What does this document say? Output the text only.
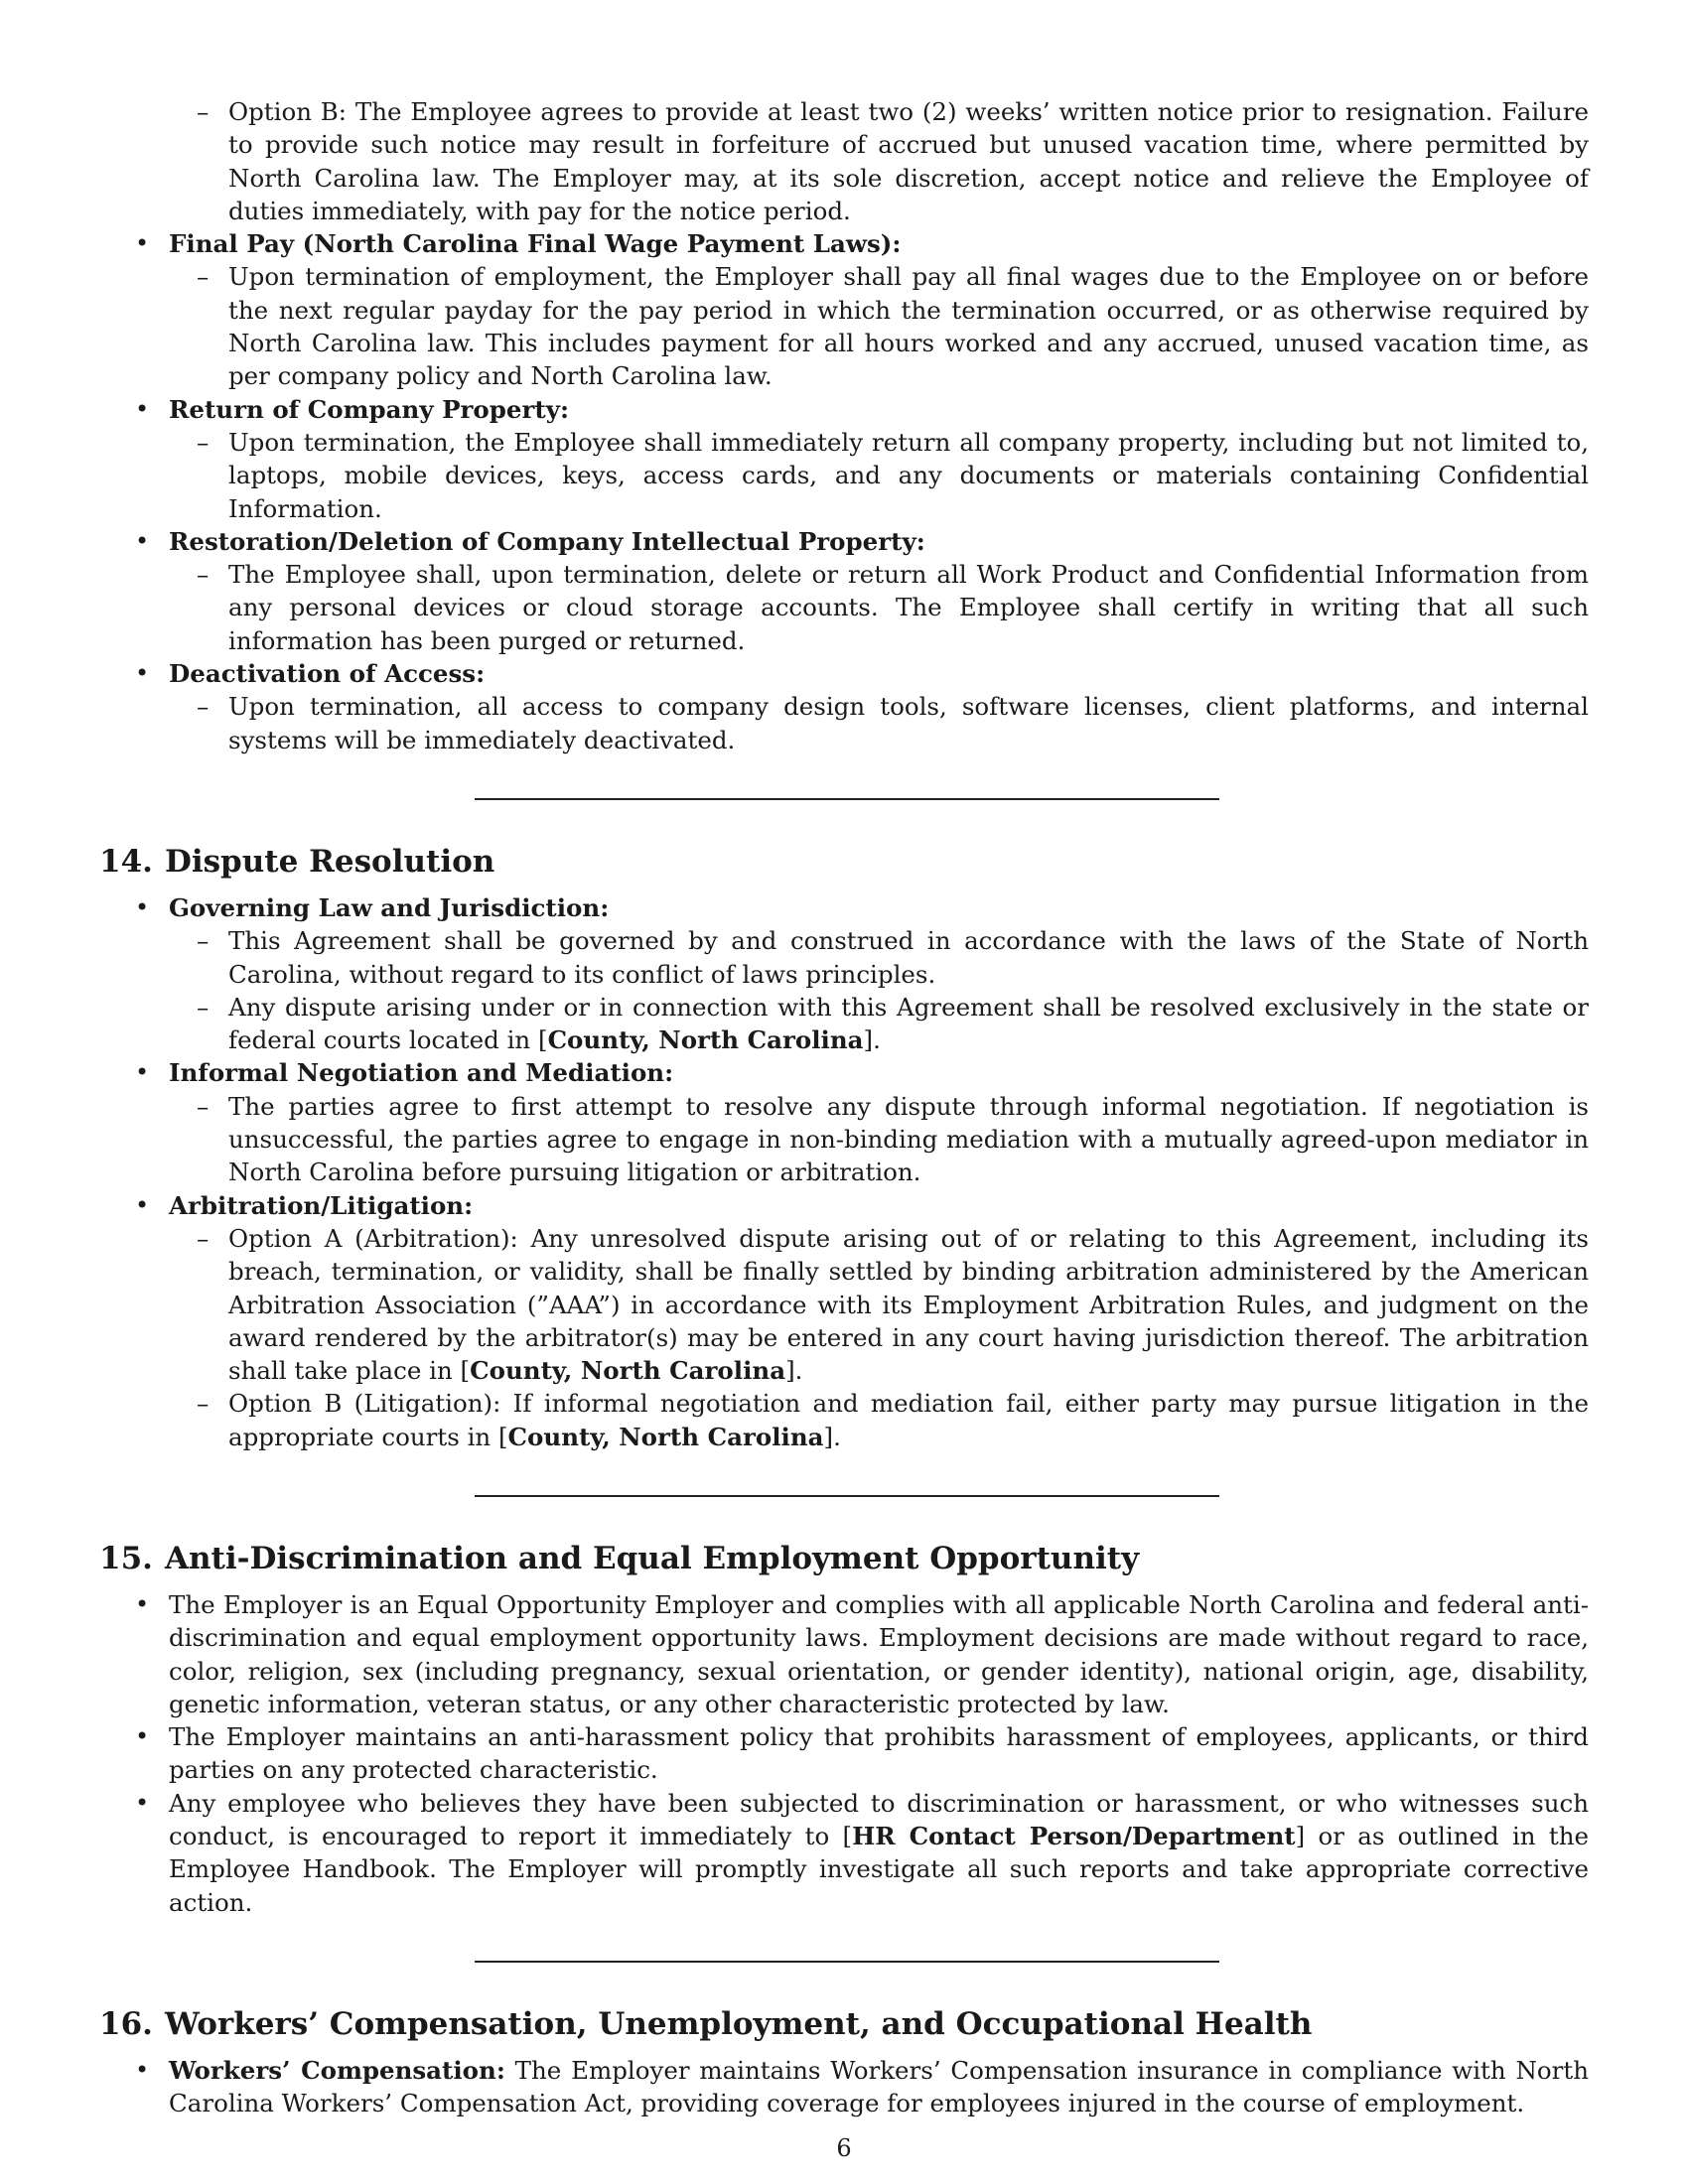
– Option B: The Employee agrees to provide at least two (2) weeks’ written notice prior to resignation. Failure to provide such notice may result in forfeiture of accrued but unused vacation time, where permitted by North Carolina law. The Employer may, at its sole discretion, accept notice and relieve the Employee of duties immediately, with pay for the notice period.
• Final Pay (North Carolina Final Wage Payment Laws):
– Upon termination of employment, the Employer shall pay all final wages due to the Employee on or before the next regular payday for the pay period in which the termination occurred, or as otherwise required by North Carolina law. This includes payment for all hours worked and any accrued, unused vacation time, as per company policy and North Carolina law.
• Return of Company Property:
– Upon termination, the Employee shall immediately return all company property, including but not limited to, laptops, mobile devices, keys, access cards, and any documents or materials containing Confidential Information.
• Restoration/Deletion of Company Intellectual Property:
– The Employee shall, upon termination, delete or return all Work Product and Confidential Information from any personal devices or cloud storage accounts. The Employee shall certify in writing that all such information has been purged or returned.
• Deactivation of Access:
– Upon termination, all access to company design tools, software licenses, client platforms, and internal systems will be immediately deactivated.
14. Dispute Resolution
• Governing Law and Jurisdiction:
– This Agreement shall be governed by and construed in accordance with the laws of the State of North Carolina, without regard to its conflict of laws principles.
– Any dispute arising under or in connection with this Agreement shall be resolved exclusively in the state or federal courts located in [County, North Carolina].
• Informal Negotiation and Mediation:
– The parties agree to first attempt to resolve any dispute through informal negotiation. If negotiation is unsuccessful, the parties agree to engage in non-binding mediation with a mutually agreed-upon mediator in North Carolina before pursuing litigation or arbitration.
• Arbitration/Litigation:
– Option A (Arbitration): Any unresolved dispute arising out of or relating to this Agreement, including its breach, termination, or validity, shall be finally settled by binding arbitration administered by the American Arbitration Association (”AAA”) in accordance with its Employment Arbitration Rules, and judgment on the award rendered by the arbitrator(s) may be entered in any court having jurisdiction thereof. The arbitration shall take place in [County, North Carolina].
– Option B (Litigation): If informal negotiation and mediation fail, either party may pursue litigation in the appropriate courts in [County, North Carolina].
15. Anti-Discrimination and Equal Employment Opportunity
• The Employer is an Equal Opportunity Employer and complies with all applicable North Carolina and federal anti-discrimination and equal employment opportunity laws. Employment decisions are made without regard to race, color, religion, sex (including pregnancy, sexual orientation, or gender identity), national origin, age, disability, genetic information, veteran status, or any other characteristic protected by law.
• The Employer maintains an anti-harassment policy that prohibits harassment of employees, applicants, or third parties on any protected characteristic.
• Any employee who believes they have been subjected to discrimination or harassment, or who witnesses such conduct, is encouraged to report it immediately to [HR Contact Person/Department] or as outlined in the Employee Handbook. The Employer will promptly investigate all such reports and take appropriate corrective action.
16. Workers’ Compensation, Unemployment, and Occupational Health
• Workers’ Compensation: The Employer maintains Workers’ Compensation insurance in compliance with North Carolina Workers’ Compensation Act, providing coverage for employees injured in the course of employment.
6
